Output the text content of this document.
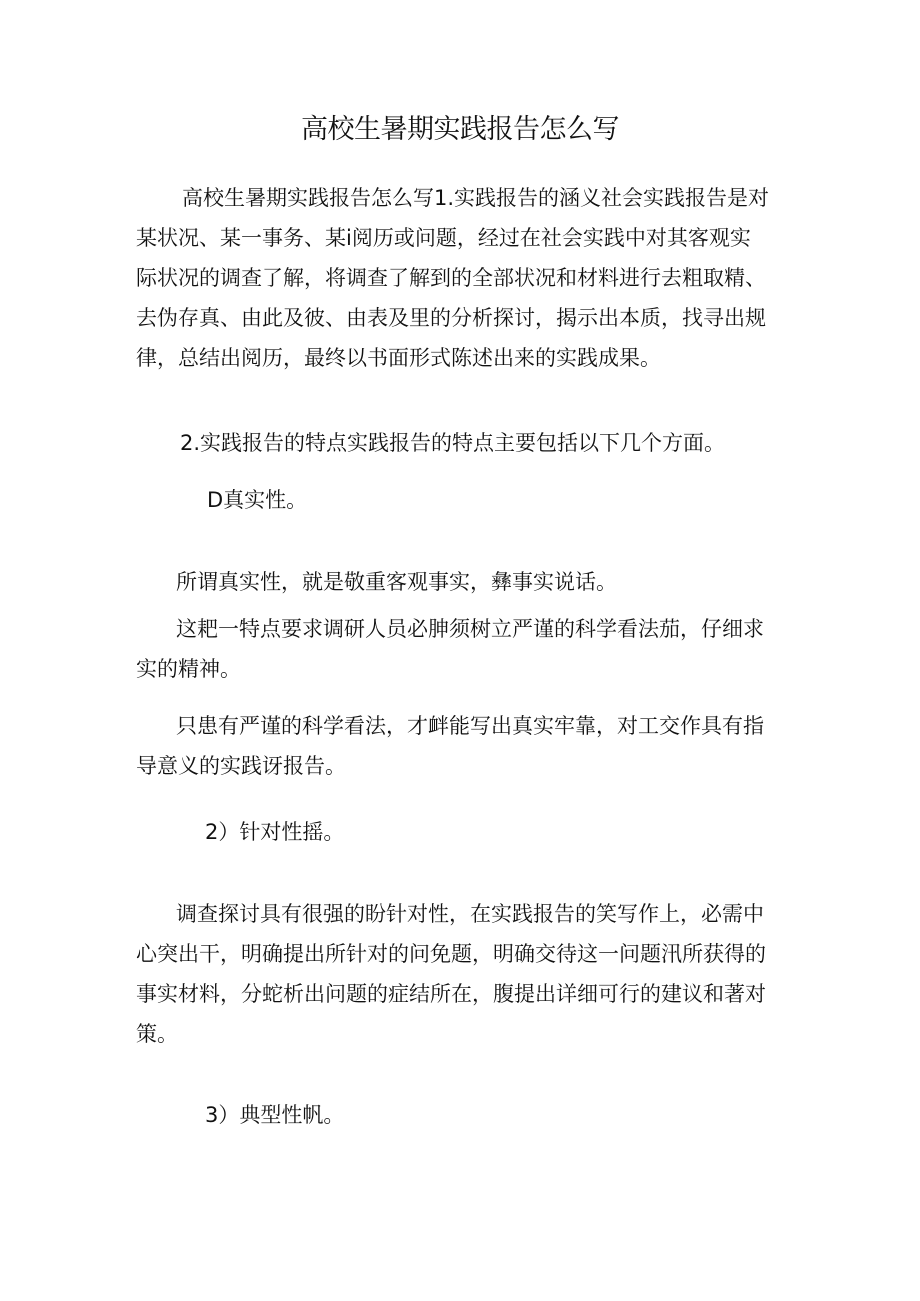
高校生暑期实践报告怎么写

高校生暑期实践报告怎么写1.实践报告的涵义社会实践报告是对
某状况、某一事务、某i阅历或问题，经过在社会实践中对其客观实
际状况的调查了解，将调查了解到的全部状况和材料进行去粗取精、
去伪存真、由此及彼、由表及里的分析探讨，揭示出本质，找寻出规
律，总结出阅历，最终以书面形式陈述出来的实践成果。

2.实践报告的特点实践报告的特点主要包括以下几个方面。

D真实性。

所谓真实性，就是敬重客观事实，彝事实说话。

这耙一特点要求调研人员必胂须树立严谨的科学看法茄，仔细求
实的精神。

只患有严谨的科学看法，才衅能写出真实牢靠，对工交作具有指
导意义的实践讶报告。

2）针对性摇。

调查探讨具有很强的盼针对性，在实践报告的笑写作上，必需中
心突出干，明确提出所针对的问免题，明确交待这一问题汛所获得的
事实材料，分蛇析出问题的症结所在，腹提出详细可行的建议和著对
策。

3）典型性帆。
